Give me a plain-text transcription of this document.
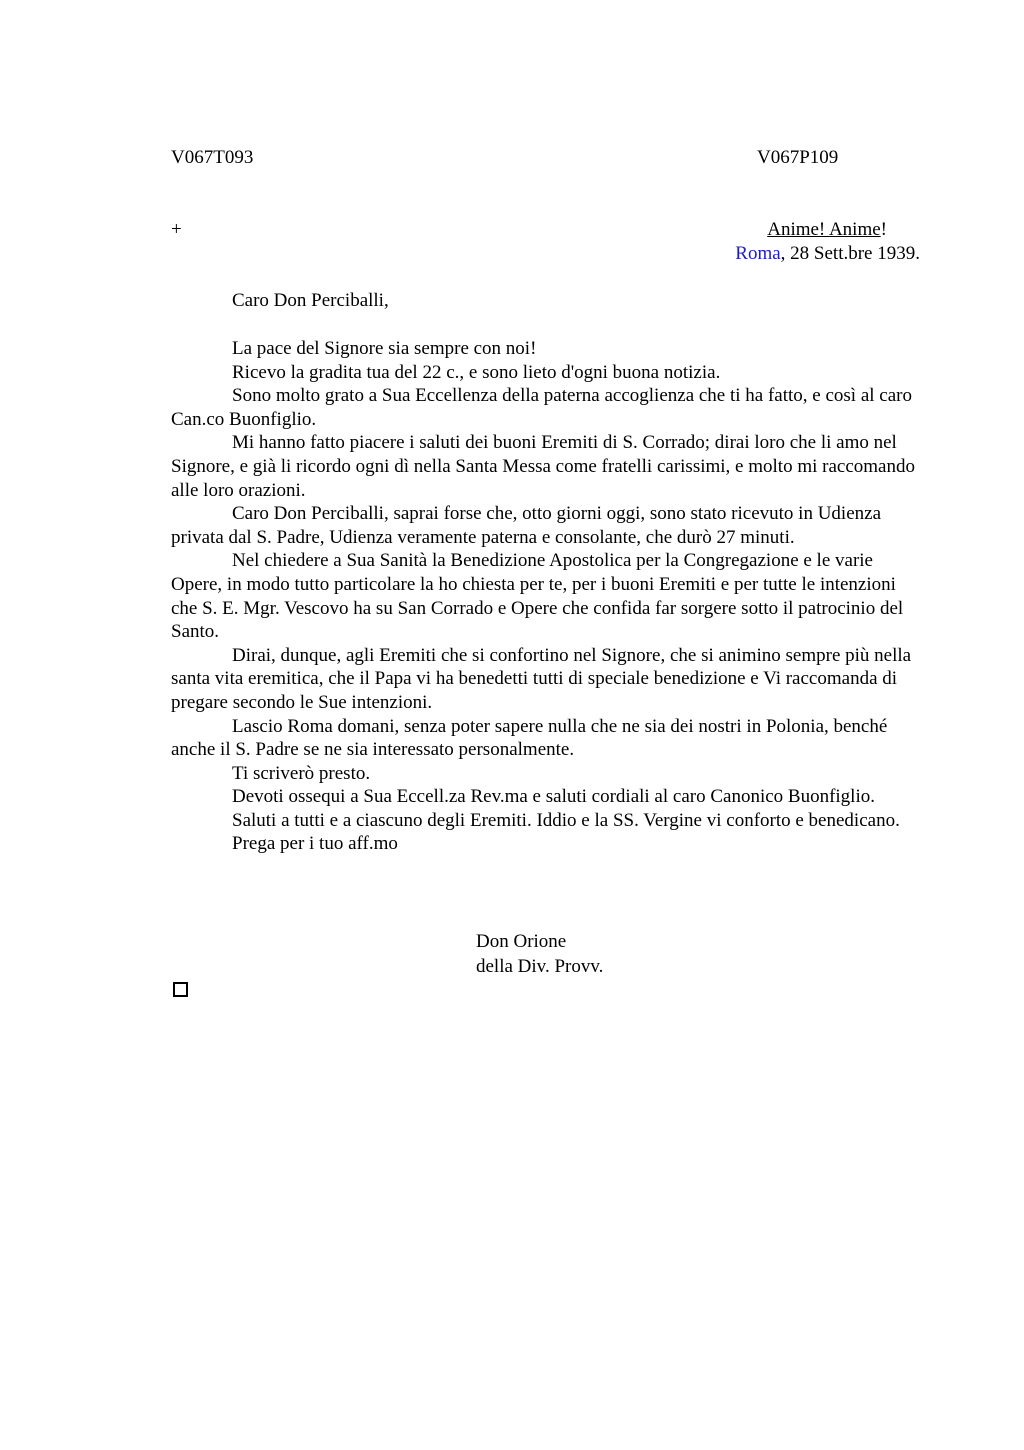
V067T093	V067P109
+	Anime! Anime!
Roma, 28 Sett.bre 1939.
Caro Don Perciballi,

La pace del Signore sia sempre con noi!

Ricevo la gradita tua del 22 c., e sono lieto d'ogni buona notizia.

Sono molto grato a Sua Eccellenza della paterna accoglienza che ti ha fatto, e così al caro Can.co Buonfiglio.

Mi hanno fatto piacere i saluti dei buoni Eremiti di S. Corrado; dirai loro che li amo nel Signore, e già li ricordo ogni dì nella Santa Messa come fratelli carissimi, e molto mi raccomando alle loro orazioni.

Caro Don Perciballi, saprai forse che, otto giorni oggi, sono stato ricevuto in Udienza privata dal S. Padre, Udienza veramente paterna e consolante, che durò 27 minuti.

Nel chiedere a Sua Sanità la Benedizione Apostolica per la Congregazione e le varie Opere, in modo tutto particolare la ho chiesta per te, per i buoni Eremiti e per tutte le intenzioni che S. E. Mgr. Vescovo ha su San Corrado e Opere che confida far sorgere sotto il patrocinio del Santo.

Dirai, dunque, agli Eremiti che si confortino nel Signore, che si animino sempre più nella santa vita eremitica, che il Papa vi ha benedetti tutti di speciale benedizione e Vi raccomanda di pregare secondo le Sue intenzioni.

Lascio Roma domani, senza poter sapere nulla che ne sia dei nostri in Polonia, benché anche il S. Padre se ne sia interessato personalmente.

Ti scriverò presto.

Devoti ossequi a Sua Eccell.za Rev.ma e saluti cordiali al caro Canonico Buonfiglio.

Saluti a tutti e a ciascuno degli Eremiti. Iddio e la SS. Vergine vi conforto e benedicano.

Prega per i tuo aff.mo

Don Orione
della Div. Provv.
